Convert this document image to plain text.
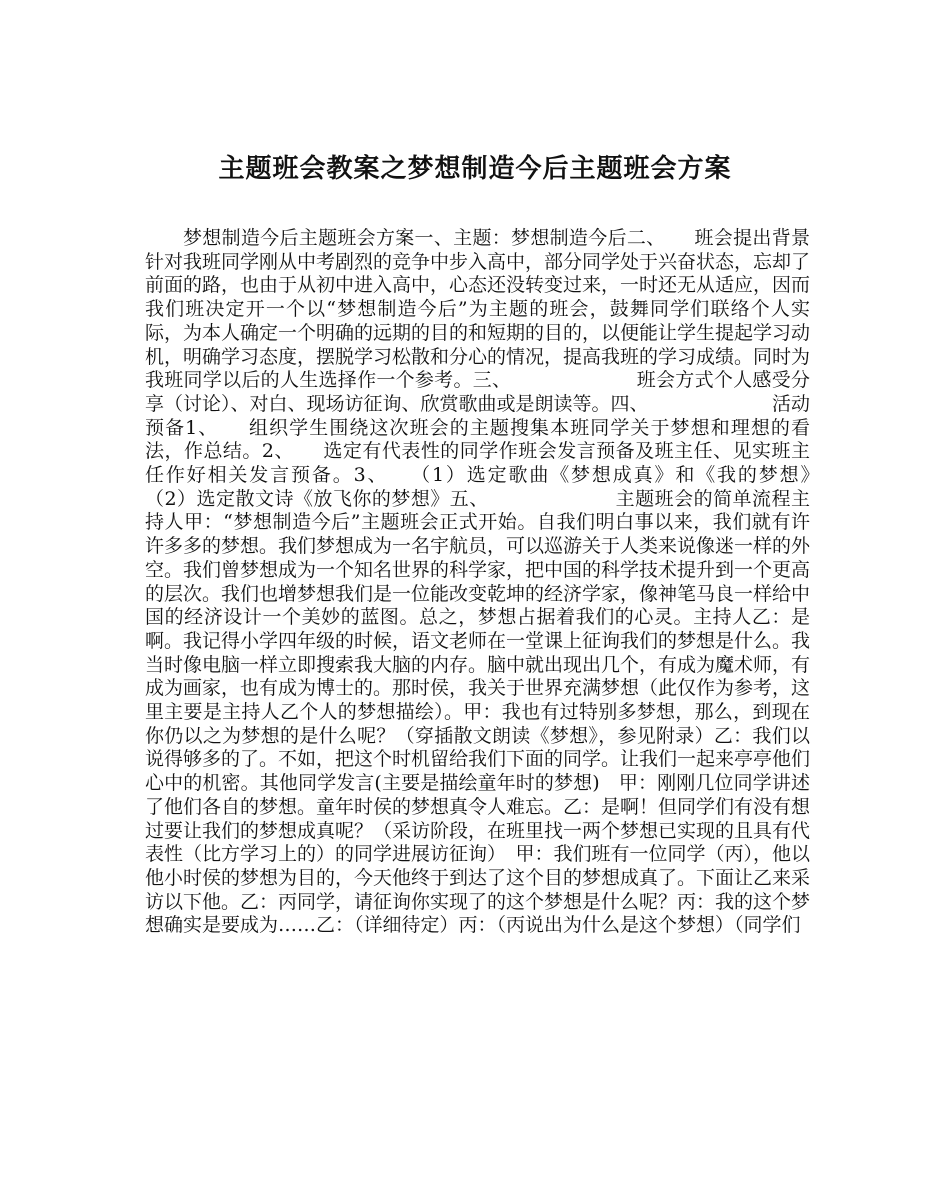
主题班会教案之梦想制造今后主题班会方案

梦想制造今后主题班会方案一、主题：梦想制造今后二、　　班会提出背景针对我班同学刚从中考剧烈的竞争中步入高中，部分同学处于兴奋状态，忘却了前面的路，也由于从初中进入高中，心态还没转变过来，一时还无从适应，因而我们班决定开一个以“梦想制造今后”为主题的班会，鼓舞同学们联络个人实际，为本人确定一个明确的远期的目的和短期的目的，以便能让学生提起学习动机，明确学习态度，摆脱学习松散和分心的情况，提高我班的学习成绩。同时为我班同学以后的人生选择作一个参考。三、　　　　　　　班会方式个人感受分享（讨论）、对白、现场访征询、欣赏歌曲或是朗读等。四、　　　　　　　活动预备1、　　组织学生围绕这次班会的主题搜集本班同学关于梦想和理想的看法，作总结。2、　　选定有代表性的同学作班会发言预备及班主任、见实班主任作好相关发言预备。3、　　（1）选定歌曲《梦想成真》和《我的梦想》　　　　（2）选定散文诗《放飞你的梦想》五、　　　　　　　主题班会的简单流程主持人甲：“梦想制造今后”主题班会正式开始。自我们明白事以来，我们就有许许多多的梦想。我们梦想成为一名宇航员，可以巡游关于人类来说像迷一样的外空。我们曾梦想成为一个知名世界的科学家，把中国的科学技术提升到一个更高的层次。我们也增梦想我们是一位能改变乾坤的经济学家，像神笔马良一样给中国的经济设计一个美妙的蓝图。总之，梦想占据着我们的心灵。主持人乙：是啊。我记得小学四年级的时候，语文老师在一堂课上征询我们的梦想是什么。我当时像电脑一样立即搜索我大脑的内存。脑中就出现出几个，有成为魔术师，有成为画家，也有成为博士的。那时侯，我关于世界充满梦想（此仅作为参考，这里主要是主持人乙个人的梦想描绘）。甲：我也有过特别多梦想，那么，到现在你仍以之为梦想的是什么呢？（穿插散文朗读《梦想》，参见附录）乙：我们以说得够多的了。不如，把这个时机留给我们下面的同学。让我们一起来亭亭他们心中的机密。其他同学发言(主要是描绘童年时的梦想)　甲：刚刚几位同学讲述了他们各自的梦想。童年时侯的梦想真令人难忘。乙：是啊！但同学们有没有想过要让我们的梦想成真呢？（采访阶段，在班里找一两个梦想已实现的且具有代表性（比方学习上的）的同学进展访征询）　甲：我们班有一位同学（丙），他以他小时侯的梦想为目的，今天他终于到达了这个目的梦想成真了。下面让乙来采访以下他。乙：丙同学，请征询你实现了的这个梦想是什么呢？丙：我的这个梦想确实是要成为……乙：（详细待定）丙：（丙说出为什么是这个梦想）（同学们
